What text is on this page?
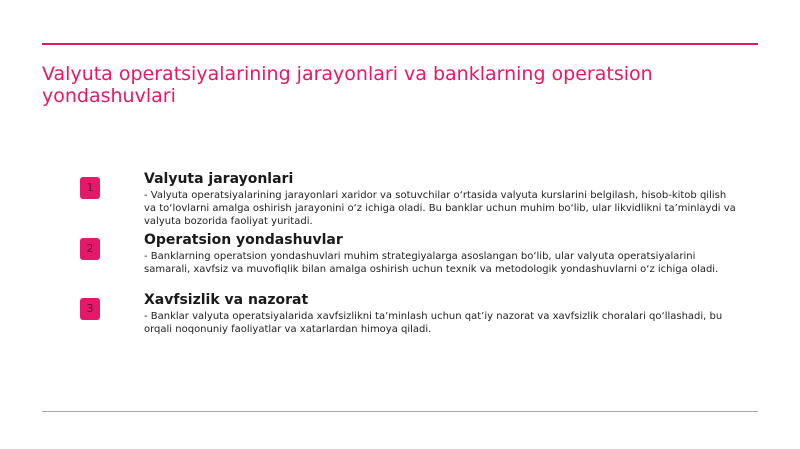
Valyuta operatsiyalarining jarayonlari va banklarning operatsion yondashuvlari
1
Valyuta jarayonlari

- Valyuta operatsiyalarining jarayonlari xaridor va sotuvchilar o‘rtasida valyuta kurslarini belgilash, hisob-kitob qilish va to‘lovlarni amalga oshirish jarayonini o‘z ichiga oladi. Bu banklar uchun muhim bo‘lib, ular likvidlikni ta’minlaydi va valyuta bozorida faoliyat yuritadi.

2
Operatsion yondashuvlar

- Banklarning operatsion yondashuvlari muhim strategiyalarga asoslangan bo‘lib, ular valyuta operatsiyalarini samarali, xavfsiz va muvofiqlik bilan amalga oshirish uchun texnik va metodologik yondashuvlarni o‘z ichiga oladi.

3
Xavfsizlik va nazorat

- Banklar valyuta operatsiyalarida xavfsizlikni ta’minlash uchun qat’iy nazorat va xavfsizlik choralari qo‘llashadi, bu orqali noqonuniy faoliyatlar va xatarlardan himoya qiladi.
